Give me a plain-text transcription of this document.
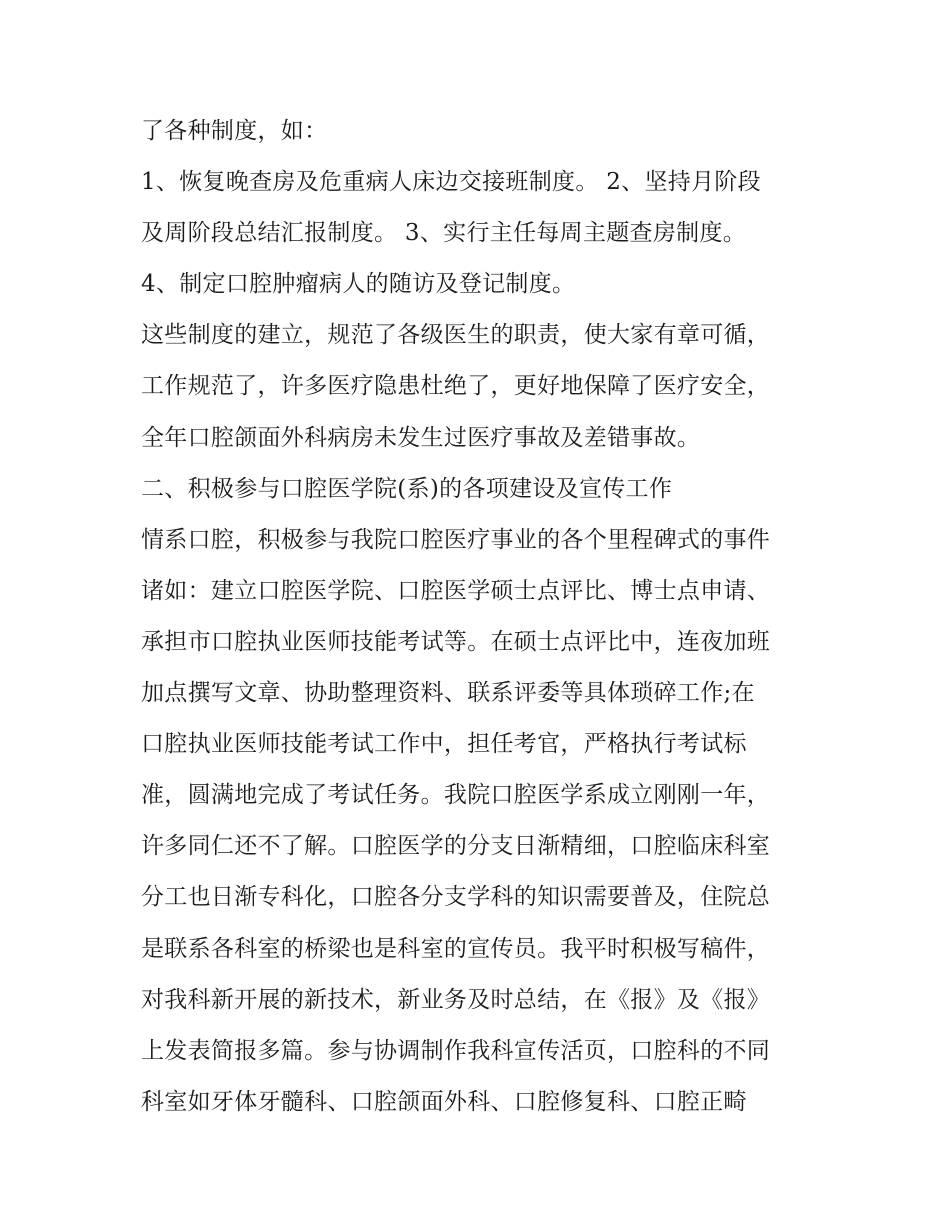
了各种制度，如：
1、恢复晚查房及危重病人床边交接班制度。 2、坚持月阶段
及周阶段总结汇报制度。 3、实行主任每周主题查房制度。
4、制定口腔肿瘤病人的随访及登记制度。
这些制度的建立，规范了各级医生的职责，使大家有章可循，
工作规范了，许多医疗隐患杜绝了，更好地保障了医疗安全，
全年口腔颌面外科病房未发生过医疗事故及差错事故。
二、积极参与口腔医学院(系)的各项建设及宣传工作
情系口腔，积极参与我院口腔医疗事业的各个里程碑式的事件
诸如：建立口腔医学院、口腔医学硕士点评比、博士点申请、
承担市口腔执业医师技能考试等。在硕士点评比中，连夜加班
加点撰写文章、协助整理资料、联系评委等具体琐碎工作;在
口腔执业医师技能考试工作中，担任考官，严格执行考试标
准，圆满地完成了考试任务。我院口腔医学系成立刚刚一年，
许多同仁还不了解。口腔医学的分支日渐精细，口腔临床科室
分工也日渐专科化，口腔各分支学科的知识需要普及，住院总
是联系各科室的桥梁也是科室的宣传员。我平时积极写稿件，
对我科新开展的新技术，新业务及时总结，在《报》及《报》
上发表简报多篇。参与协调制作我科宣传活页，口腔科的不同
科室如牙体牙髓科、口腔颌面外科、口腔修复科、口腔正畸
